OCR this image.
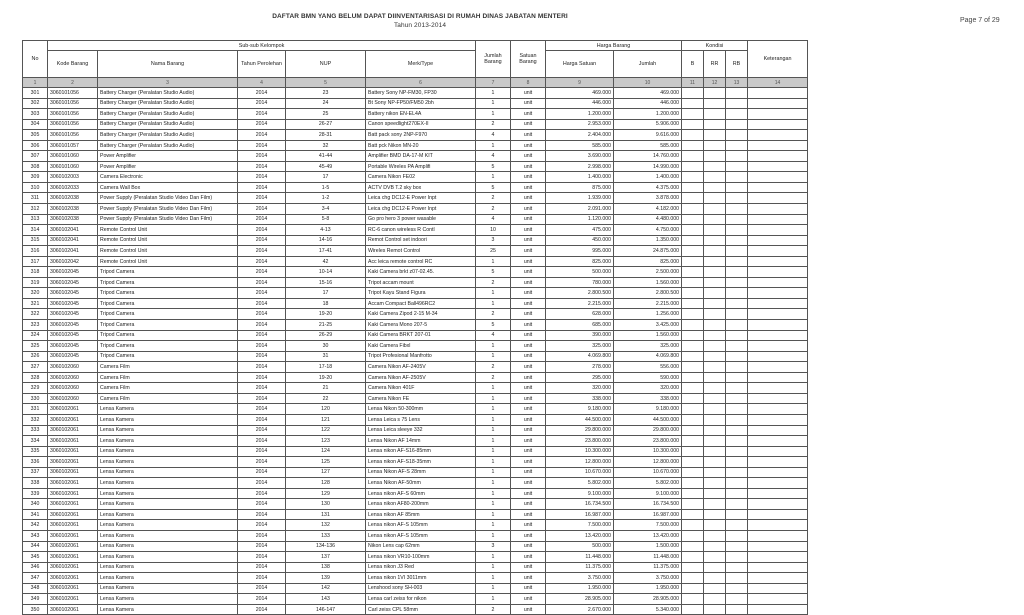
DAFTAR BMN YANG BELUM DAPAT DIINVENTARISASI DI RUMAH DINAS JABATAN MENTERI
Tahun 2013-2014
Page 7 of 29
No	Sub-sub Kelompok					Jumlah Barang	Satuan Barang	Harga Barang		Kondisi			Keterangan
	Kode Barang	Nama Barang	Tahun Perolehan	NUP	Merk/Type			Harga Satuan	Jumlah	B	RR	RB	
1	2	3	4	5	6	7	8	9	10	11	12	13	14
301	3060101056	Battery Charger (Peralatan Studio Audio)	2014	23	Battery Sony NP-FM30, FP30	1	unit	469.000	469.000				
302	3060101056	Battery Charger (Peralatan Studio Audio)	2014	24	Bt Sony NP-FP50/FM50 2bh	1	unit	446.000	446.000				
303	3060101056	Battery Charger (Peralatan Studio Audio)	2014	25	Battery nikon EN-EL4A	1	unit	1.200.000	1.200.000				
304	3060101056	Battery Charger (Peralatan Studio Audio)	2014	26-27	Canon speedlight270EX-II	2	unit	2.953.000	5.906.000				
305	3060101056	Battery Charger (Peralatan Studio Audio)	2014	28-31	Batt pack sony 2NP-F970	4	unit	2.404.000	9.616.000				
306	3060101057	Battery Charger (Peralatan Studio Audio)	2014	32	Batt pck Nikon MN-20	1	unit	585.000	585.000				
307	3060101060	Power Amplifier	2014	41-44	Amplifier BMD DA-17-M KIT	4	unit	3.690.000	14.760.000				
308	3060101060	Power Amplifier	2014	45-49	Portable Wireles PA Amplifi	5	unit	2.998.000	14.990.000				
309	3060102003	Camera Electronic	2014	17	Camera Nikon FE02	1	unit	1.400.000	1.400.000				
310	3060102033	Camera Wall Box	2014	1-5	ACTV DVB T.2 sky box	5	unit	875.000	4.375.000				
311	3060102038	Power Supply (Peralatan Studio Video Dan Film)	2014	1-2	Leica chg DC12-E Power Inpt	2	unit	1.939.000	3.878.000				
312	3060102038	Power Supply (Peralatan Studio Video Dan Film)	2014	3-4	Leica chg DC12-E Power Inpt	2	unit	2.091.000	4.182.000				
313	3060102038	Power Supply (Peralatan Studio Video Dan Film)	2014	5-8	Go pro hero 3 power wasable	4	unit	1.120.000	4.480.000				
314	3060102041	Remote Control Unit	2014	4-13	RC-6 canon wireless R Contl	10	unit	475.000	4.750.000				
315	3060102041	Remote Control Unit	2014	14-16	Remot Control set indoori	3	unit	450.000	1.350.000				
316	3060102041	Remote Control Unit	2014	17-41	Wireles Remot Control	25	unit	995.000	24.875.000				
317	3060102042	Remote Control Unit	2014	42	Acc leica remote control RC	1	unit	825.000	825.000				
318	3060102045	Tripod Camera	2014	10-14	Kaki Camera brkt z07-02.45.	5	unit	500.000	2.500.000				
319	3060102045	Tripod Camera	2014	15-16	Tripot accam mount	2	unit	780.000	1.560.000				
320	3060102045	Tripod Camera	2014	17	Tripot Kayu Stand Figura	1	unit	2.800.500	2.800.500				
321	3060102045	Tripod Camera	2014	18	Accam Compact Ball496RC2	1	unit	2.215.000	2.215.000				
322	3060102045	Tripod Camera	2014	19-20	Kaki Camera Zipod 2-15 M-34	2	unit	628.000	1.256.000				
323	3060102045	Tripod Camera	2014	21-25	Kaki Camera Mono 207-5	5	unit	685.000	3.425.000				
324	3060102045	Tripod Camera	2014	26-29	Kaki Camera BRKT 207-01	4	unit	390.000	1.560.000				
325	3060102045	Tripod Camera	2014	30	Kaki Camera Fibxl	1	unit	325.000	325.000				
326	3060102045	Tripod Camera	2014	31	Tripot Profesional Manfrotto	1	unit	4.069.800	4.069.800				
327	3060102060	Camera Film	2014	17-18	Camera Nikon AF-2405V	2	unit	278.000	556.000				
328	3060102060	Camera Film	2014	19-20	Camera Nikon AF-2505V	2	unit	295.000	590.000				
329	3060102060	Camera Film	2014	21	Camera Nikon 401F	1	unit	320.000	320.000				
330	3060102060	Camera Film	2014	22	Camera Nikon FE	1	unit	338.000	338.000				
331	3060102061	Lensa Kamera	2014	120	Lensa Nikon 50-300mm	1	unit	9.180.000	9.180.000				
332	3060102061	Lensa Kamera	2014	121	Lensa Leica s 75 Lens	1	unit	44.500.000	44.500.000				
333	3060102061	Lensa Kamera	2014	122	Lensa Leica sleeye 332	1	unit	29.800.000	29.800.000				
334	3060102061	Lensa Kamera	2014	123	Lensa Nikon AF 14mm	1	unit	23.800.000	23.800.000				
335	3060102061	Lensa Kamera	2014	124	Lensa nikon AF-S16-85mm	1	unit	10.300.000	10.300.000				
336	3060102061	Lensa Kamera	2014	125	Lensa nikon AF-S18-35mm	1	unit	12.800.000	12.800.000				
337	3060102061	Lensa Kamera	2014	127	Lensa Nikon AF-S 28mm	1	unit	10.670.000	10.670.000				
338	3060102061	Lensa Kamera	2014	128	Lensa Nikon AF-50mm	1	unit	5.802.000	5.802.000				
339	3060102061	Lensa Kamera	2014	129	Lensa nikon AF-S 60mm	1	unit	9.100.000	9.100.000				
340	3060102061	Lensa Kamera	2014	130	Lensa nikon AF80-200mm	1	unit	16.734.500	16.734.500				
341	3060102061	Lensa Kamera	2014	131	Lensa nikon AF 85mm	1	unit	16.987.000	16.987.000				
342	3060102061	Lensa Kamera	2014	132	Lensa nikon AF-S 105mm	1	unit	7.500.000	7.500.000				
343	3060102061	Lensa Kamera	2014	133	Lensa nikon AF-S 105mm	1	unit	13.420.000	13.420.000				
344	3060102061	Lensa Kamera	2014	134-136	Nikon Lens cap 62mm	3	unit	500.000	1.500.000				
345	3060102061	Lensa Kamera	2014	137	Lensa nikon VR10-100mm	1	unit	11.448.000	11.448.000				
346	3060102061	Lensa Kamera	2014	138	Lensa nikon J3 Red	1	unit	11.375.000	11.375.000				
347	3060102061	Lensa Kamera	2014	139	Lensa nikon 1VI 3011mm	1	unit	3.750.000	3.750.000				
348	3060102061	Lensa Kamera	2014	142	Lenshood sony SH-003	1	unit	1.950.000	1.950.000				
349	3060102061	Lensa Kamera	2014	143	Lensa carl zeiss for nikon	1	unit	28.905.000	28.905.000				
350	3060102061	Lensa Kamera	2014	146-147	Carl zeiss CPL 58mm	2	unit	2.670.000	5.340.000				
